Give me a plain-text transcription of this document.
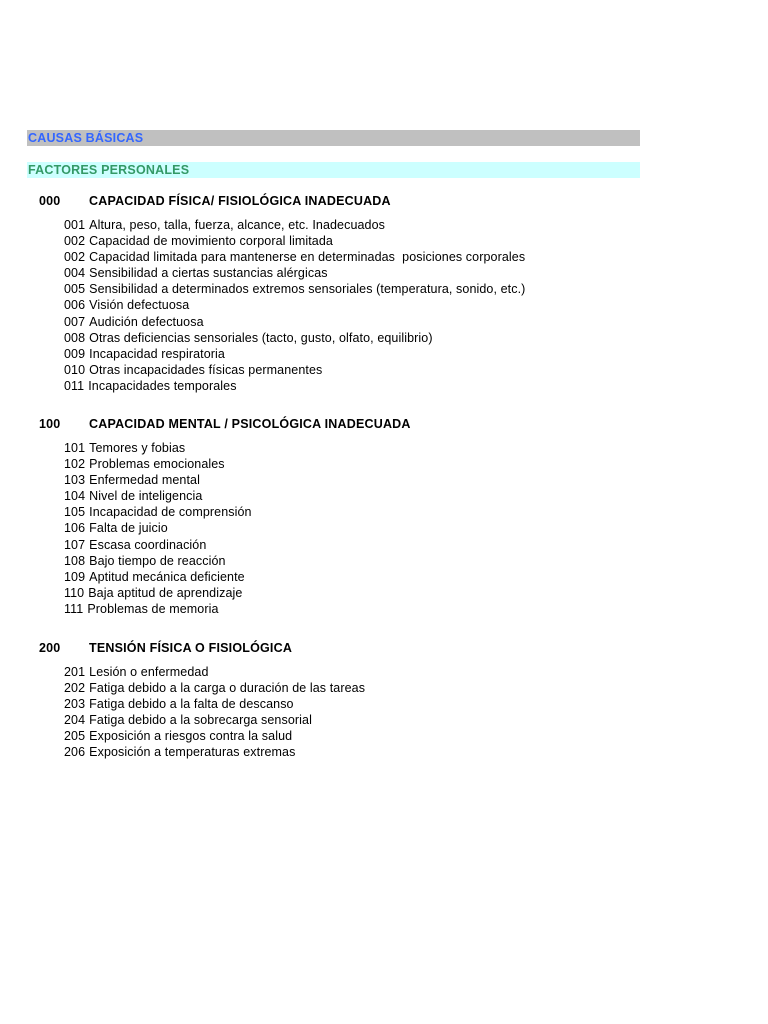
CAUSAS BÁSICAS
FACTORES PERSONALES
000 CAPACIDAD FÍSICA/ FISIOLÓGICA INADECUADA
001 Altura, peso, talla, fuerza, alcance, etc. Inadecuados
002 Capacidad de movimiento corporal limitada
002 Capacidad limitada para mantenerse en determinadas  posiciones corporales
004 Sensibilidad a ciertas sustancias alérgicas
005 Sensibilidad a determinados extremos sensoriales (temperatura, sonido, etc.)
006 Visión defectuosa
007 Audición defectuosa
008 Otras deficiencias sensoriales (tacto, gusto, olfato, equilibrio)
009 Incapacidad respiratoria
010 Otras incapacidades físicas permanentes
011 Incapacidades temporales
100 CAPACIDAD MENTAL / PSICOLÓGICA INADECUADA
101 Temores y fobias
102 Problemas emocionales
103 Enfermedad mental
104 Nivel de inteligencia
105 Incapacidad de comprensión
106 Falta de juicio
107 Escasa coordinación
108 Bajo tiempo de reacción
109 Aptitud mecánica deficiente
110 Baja aptitud de aprendizaje
111 Problemas de memoria
200 TENSIÓN FÍSICA O FISIOLÓGICA
201 Lesión o enfermedad
202 Fatiga debido a la carga o duración de las tareas
203 Fatiga debido a la falta de descanso
204 Fatiga debido a la sobrecarga sensorial
205 Exposición a riesgos contra la salud
206 Exposición a temperaturas extremas
